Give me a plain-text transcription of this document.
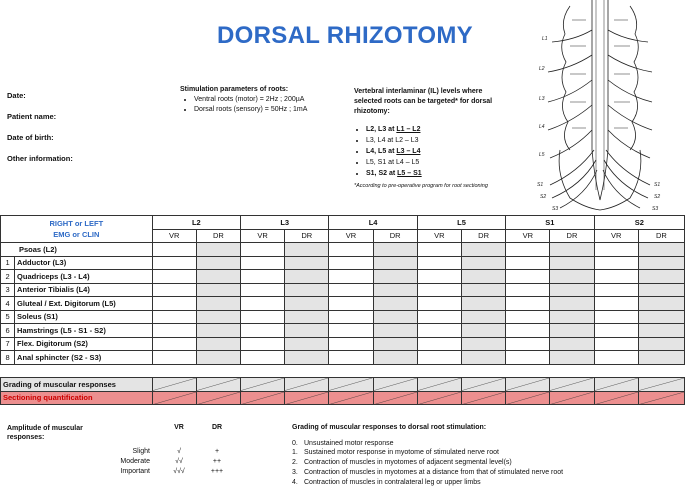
DORSAL RHIZOTOMY
Date:
Patient name:
Date of birth:
Other information:
Stimulation parameters of roots:
• Ventral roots (motor) = 2Hz ; 200µA
• Dorsal roots (sensory) = 50Hz ; 1mA
Vertebral interlaminar (IL) levels where selected roots can be targeted* for dorsal rhizotomy:
• L2, L3 at L1 – L2
• L3, L4 at L2 – L3
• L4, L5 at L3 – L4
• L5, S1 at L4 – L5
• S1, S2 at L5 – S1
*According to pre-operative program for root sectioning
L1
L2
L3
L4
L5
S1
S2
S3
S1
S2
S3
RIGHT or LEFT
EMG or CLIN		L2		L3		L4		L5		S1		S2	
		VR	DR	VR	DR	VR	DR	VR	DR	VR	DR	VR	DR
Psoas (L2)													
1	Adductor (L3)												
2	Quadriceps (L3 - L4)												
3	Anterior Tibialis (L4)												
4	Gluteal / Ext. Digitorum (L5)												
5	Soleus (S1)												
6	Hamstrings (L5 - S1 - S2)												
7	Flex. Digitorum (S2)												
8	Anal sphincter (S2 - S3)												

Grading of muscular responses	

Sectioning quantification	

Amplitude of muscular responses:
	VR	DR
Slight	√	+
Moderate	√√	++
Important	√√√	+++
Grading of muscular responses to dorsal root stimulation:
0. Unsustained motor response
1. Sustained motor response in myotome of stimulated nerve root
2. Contraction of muscles in myotomes of adjacent segmental level(s)
3. Contraction of muscles in myotomes at a distance from that of stimulated nerve root
4. Contraction of muscles in contralateral leg or upper limbs
